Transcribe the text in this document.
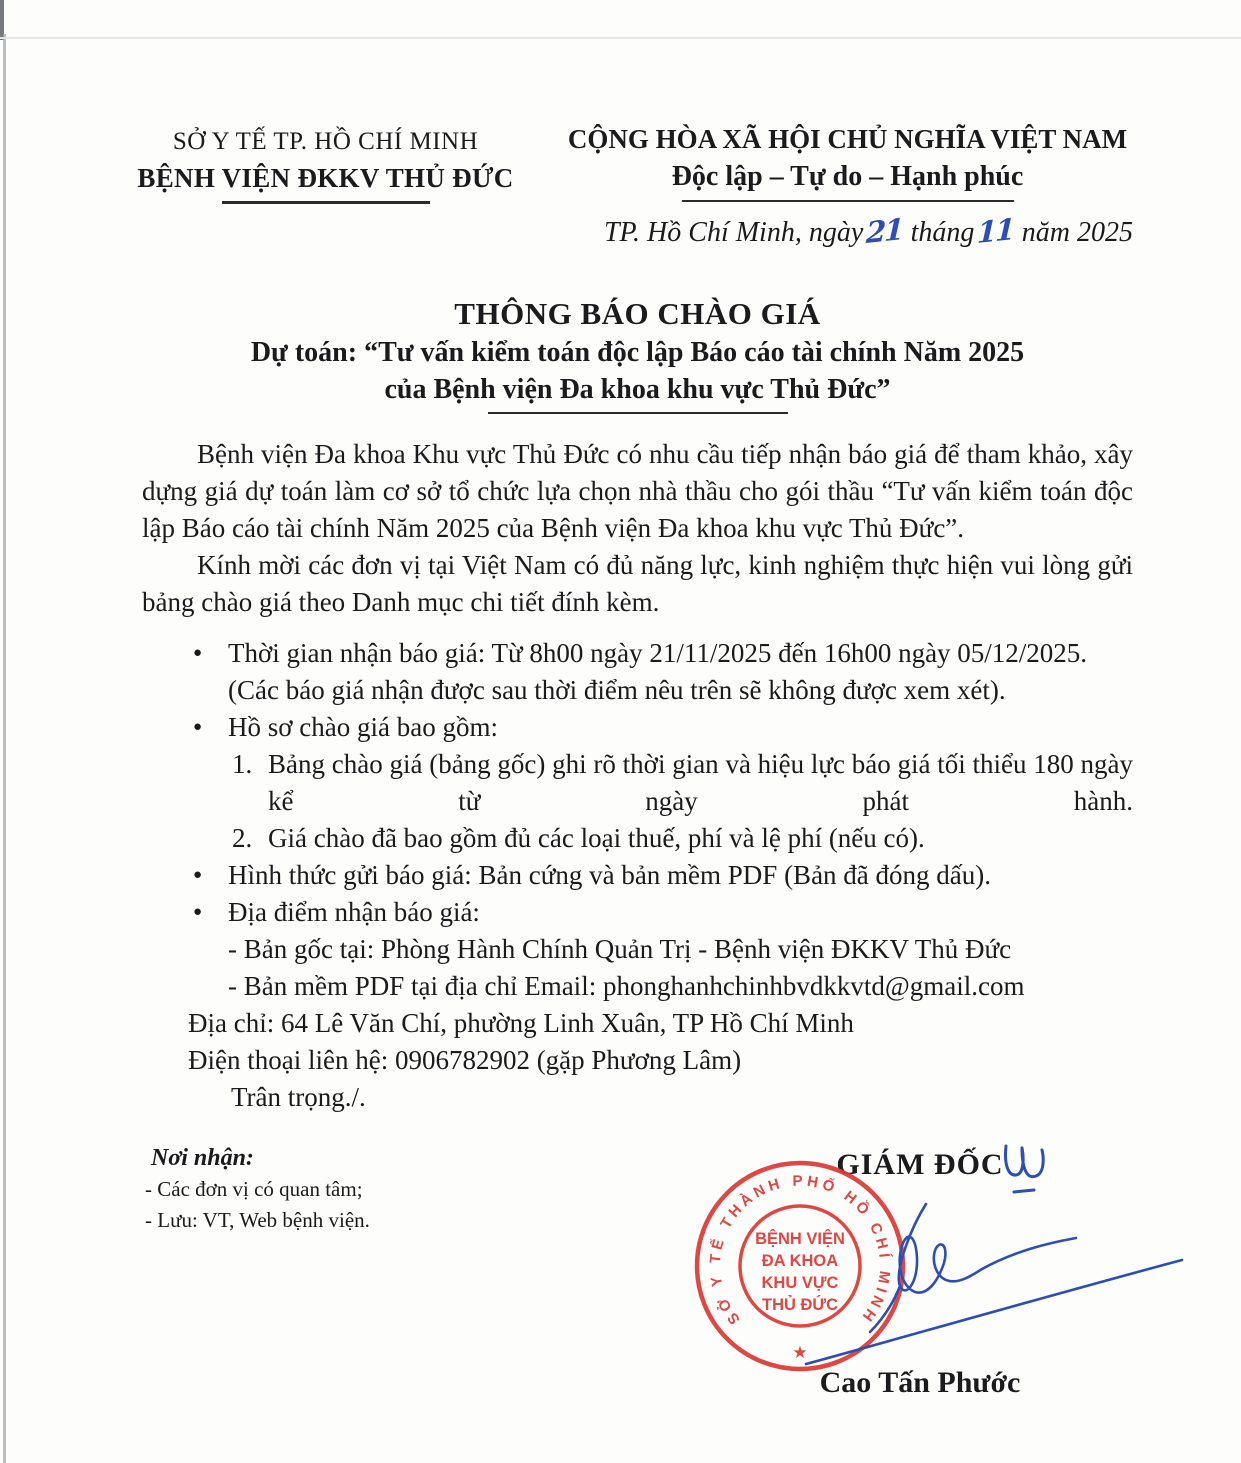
SỞ Y TẾ TP. HỒ CHÍ MINH
BỆNH VIỆN ĐKKV THỦ ĐỨC
CỘNG HÒA XÃ HỘI CHỦ NGHĨA VIỆT NAM
Độc lập – Tự do – Hạnh phúc
TP. Hồ Chí Minh, ngày21 tháng11 năm 2025
THÔNG BÁO CHÀO GIÁ
Dự toán: “Tư vấn kiểm toán độc lập Báo cáo tài chính Năm 2025
của Bệnh viện Đa khoa khu vực Thủ Đức”
Bệnh viện Đa khoa Khu vực Thủ Đức có nhu cầu tiếp nhận báo giá để tham khảo, xây dựng giá dự toán làm cơ sở tổ chức lựa chọn nhà thầu cho gói thầu “Tư vấn kiểm toán độc lập Báo cáo tài chính Năm 2025 của Bệnh viện Đa khoa khu vực Thủ Đức”.
Kính mời các đơn vị tại Việt Nam có đủ năng lực, kinh nghiệm thực hiện vui lòng gửi bảng chào giá theo Danh mục chi tiết đính kèm.
● Thời gian nhận báo giá: Từ 8h00 ngày 21/11/2025 đến 16h00 ngày 05/12/2025.
(Các báo giá nhận được sau thời điểm nêu trên sẽ không được xem xét).
● Hồ sơ chào giá bao gồm:
1. Bảng chào giá (bảng gốc) ghi rõ thời gian và hiệu lực báo giá tối thiểu 180 ngày kể từ ngày phát hành.
2. Giá chào đã bao gồm đủ các loại thuế, phí và lệ phí (nếu có).
● Hình thức gửi báo giá: Bản cứng và bản mềm PDF (Bản đã đóng dấu).
● Địa điểm nhận báo giá:
- Bản gốc tại: Phòng Hành Chính Quản Trị - Bệnh viện ĐKKV Thủ Đức
- Bản mềm PDF tại địa chỉ Email: phonghanhchinhbvdkkvtd@gmail.com
Địa chỉ: 64 Lê Văn Chí, phường Linh Xuân, TP Hồ Chí Minh
Điện thoại liên hệ: 0906782902 (gặp Phương Lâm)
Trân trọng./.
Nơi nhận:
- Các đơn vị có quan tâm;
- Lưu: VT, Web bệnh viện.
GIÁM ĐỐC
SỞ Y TẾ THÀNH PHỐ HỒ CHÍ MINH
BỆNH VIỆN
ĐA KHOA
KHU VỰC
THỦ ĐỨC
★
Cao Tấn Phước
